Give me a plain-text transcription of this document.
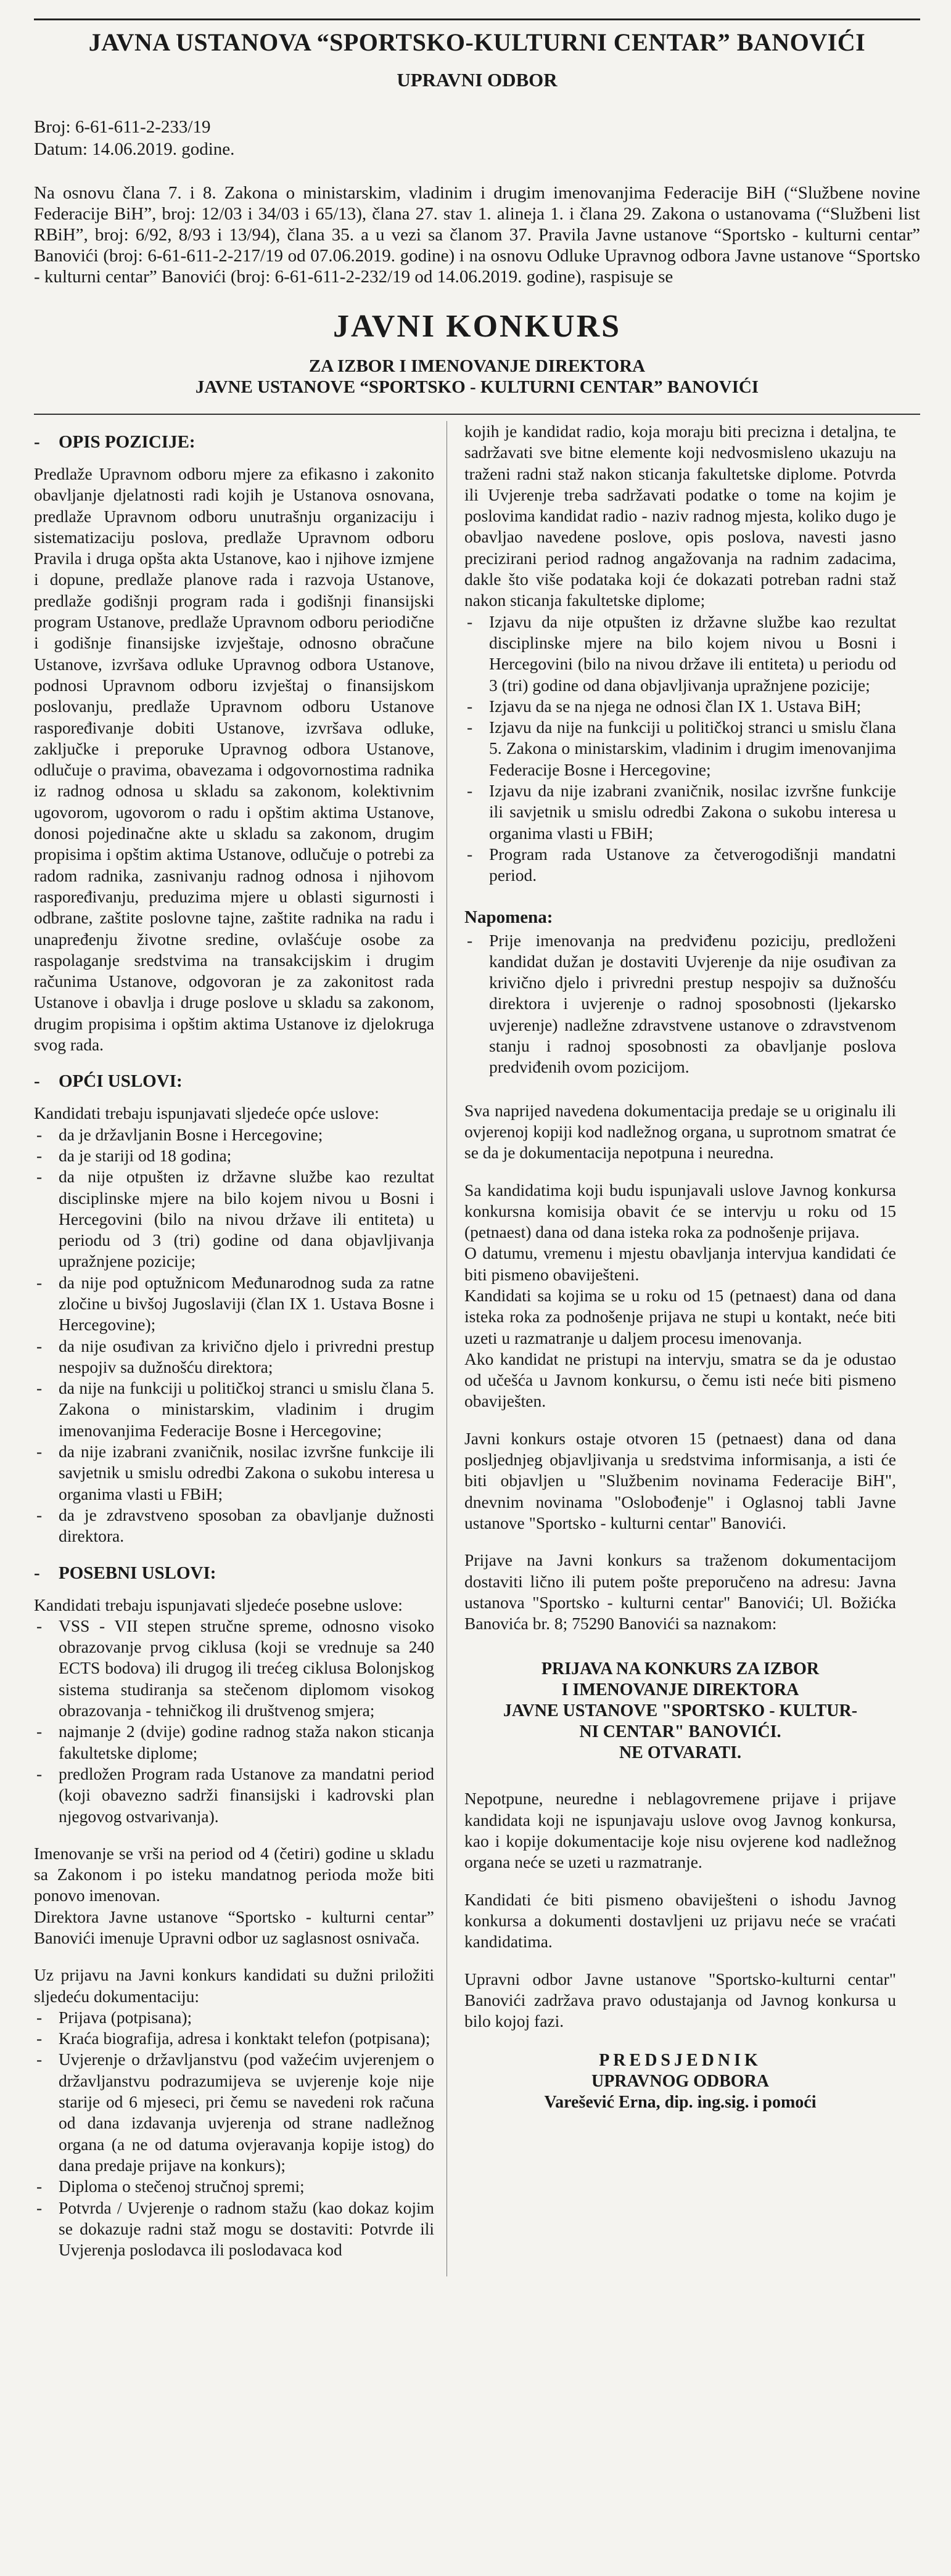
JAVNA USTANOVA “SPORTSKO-KULTURNI CENTAR” BANOVIĆI
UPRAVNI ODBOR
Broj: 6-61-611-2-233/19
Datum: 14.06.2019. godine.
Na osnovu člana 7. i 8. Zakona o ministarskim, vladinim i drugim imenovanjima Federacije BiH (“Službene novine Federacije BiH”, broj: 12/03 i 34/03 i 65/13), člana 27. stav 1. alineja 1. i člana 29. Zakona o ustanovama (“Službeni list RBiH”, broj: 6/92, 8/93 i 13/94), člana 35. a u vezi sa članom 37. Pravila Javne ustanove “Sportsko - kulturni centar” Banovići (broj: 6-61-611-2-217/19 od 07.06.2019. godine) i na osnovu Odluke Upravnog odbora Javne ustanove “Sportsko - kulturni centar” Banovići (broj: 6-61-611-2-232/19 od 14.06.2019. godine), raspisuje se
JAVNI KONKURS
ZA IZBOR I IMENOVANJE DIREKTORA
JAVNE USTANOVE “SPORTSKO - KULTURNI CENTAR” BANOVIĆI
- OPIS POZICIJE:

Predlaže Upravnom odboru mjere za efikasno i zakonito obavljanje djelatnosti radi kojih je Ustanova osnovana, predlaže Upravnom odboru unutrašnju organizaciju i sistematizaciju poslova, predlaže Upravnom odboru Pravila i druga opšta akta Ustanove, kao i njihove izmjene i dopune, predlaže planove rada i razvoja Ustanove, predlaže godišnji program rada i godišnji finansijski program Ustanove, predlaže Upravnom odboru periodične i godišnje finansijske izvještaje, odnosno obračune Ustanove, izvršava odluke Upravnog odbora Ustanove, podnosi Upravnom odboru izvještaj o finansijskom poslovanju, predlaže Upravnom odboru Ustanove raspoređivanje dobiti Ustanove, izvršava odluke, zaključke i preporuke Upravnog odbora Ustanove, odlučuje o pravima, obavezama i odgovornostima radnika iz radnog odnosa u skladu sa zakonom, kolektivnim ugovorom, ugovorom o radu i opštim aktima Ustanove, donosi pojedinačne akte u skladu sa zakonom, drugim propisima i opštim aktima Ustanove, odlučuje o potrebi za radom radnika, zasnivanju radnog odnosa i njihovom raspoređivanju, preduzima mjere u oblasti sigurnosti i odbrane, zaštite poslovne tajne, zaštite radnika na radu i unapređenju životne sredine, ovlašćuje osobe za raspolaganje sredstvima na transakcijskim i drugim računima Ustanove, odgovoran je za zakonitost rada Ustanove i obavlja i druge poslove u skladu sa zakonom, drugim propisima i opštim aktima Ustanove iz djelokruga svog rada.

- OPĆI USLOVI:

Kandidati trebaju ispunjavati sljedeće opće uslove:

- da je državljanin Bosne i Hercegovine;
- da je stariji od 18 godina;
- da nije otpušten iz državne službe kao rezultat disciplinske mjere na bilo kojem nivou u Bosni i Hercegovini (bilo na nivou države ili entiteta) u periodu od 3 (tri) godine od dana objavljivanja upražnjene pozicije;
- da nije pod optužnicom Međunarodnog suda za ratne zločine u bivšoj Jugoslaviji (član IX 1. Ustava Bosne i Hercegovine);
- da nije osuđivan za krivično djelo i privredni prestup nespojiv sa dužnošću direktora;
- da nije na funkciji u političkoj stranci u smislu člana 5. Zakona o ministarskim, vladinim i drugim imenovanjima Federacije Bosne i Hercegovine;
- da nije izabrani zvaničnik, nosilac izvršne funkcije ili savjetnik u smislu odredbi Zakona o sukobu interesa u organima vlasti u FBiH;
- da je zdravstveno sposoban za obavljanje dužnosti direktora.
- POSEBNI USLOVI:

Kandidati trebaju ispunjavati sljedeće posebne uslove:

- VSS - VII stepen stručne spreme, odnosno visoko obrazovanje prvog ciklusa (koji se vrednuje sa 240 ECTS bodova) ili drugog ili trećeg ciklusa Bolonjskog sistema studiranja sa stečenom diplomom visokog obrazovanja - tehničkog ili društvenog smjera;
- najmanje 2 (dvije) godine radnog staža nakon sticanja fakultetske diplome;
- predložen Program rada Ustanove za mandatni period (koji obavezno sadrži finansijski i kadrovski plan njegovog ostvarivanja).

Imenovanje se vrši na period od 4 (četiri) godine u skladu sa Zakonom i po isteku mandatnog perioda može biti ponovo imenovan.

Direktora Javne ustanove “Sportsko - kulturni centar” Banovići imenuje Upravni odbor uz saglasnost osnivača.

Uz prijavu na Javni konkurs kandidati su dužni priložiti sljedeću dokumentaciju:

- Prijava (potpisana);
- Kraća biografija, adresa i konktakt telefon (potpisana);
- Uvjerenje o državljanstvu (pod važećim uvjerenjem o državljanstvu podrazumijeva se uvjerenje koje nije starije od 6 mjeseci, pri čemu se navedeni rok računa od dana izdavanja uvjerenja od strane nadležnog organa (a ne od datuma ovjeravanja kopije istog) do dana predaje prijave na konkurs);
- Diploma o stečenoj stručnoj spremi;
- Potvrda / Uvjerenje o radnom stažu (kao dokaz kojim se dokazuje radni staž mogu se dostaviti: Potvrde ili Uvjerenja poslodavca ili poslodavaca kod

kojih je kandidat radio, koja moraju biti precizna i detaljna, te sadržavati sve bitne elemente koji nedvosmisleno ukazuju na traženi radni staž nakon sticanja fakultetske diplome. Potvrda ili Uvjerenje treba sadržavati podatke o tome na kojim je poslovima kandidat radio - naziv radnog mjesta, koliko dugo je obavljao navedene poslove, opis poslova, navesti jasno precizirani period radnog angažovanja na radnim zadacima, dakle što više podataka koji će dokazati potreban radni staž nakon sticanja fakultetske diplome;

- Izjavu da nije otpušten iz državne službe kao rezultat disciplinske mjere na bilo kojem nivou u Bosni i Hercegovini (bilo na nivou države ili entiteta) u periodu od 3 (tri) godine od dana objavljivanja upražnjene pozicije;
- Izjavu da se na njega ne odnosi član IX 1. Ustava BiH;
- Izjavu da nije na funkciji u političkoj stranci u smislu člana 5. Zakona o ministarskim, vladinim i drugim imenovanjima Federacije Bosne i Hercegovine;
- Izjavu da nije izabrani zvaničnik, nosilac izvršne funkcije ili savjetnik u smislu odredbi Zakona o sukobu interesa u organima vlasti u FBiH;
- Program rada Ustanove za četverogodišnji mandatni period.
Napomena:
- Prije imenovanja na predviđenu poziciju, predloženi kandidat dužan je dostaviti Uvjerenje da nije osuđivan za krivično djelo i privredni prestup nespojiv sa dužnošću direktora i uvjerenje o radnoj sposobnosti (ljekarsko uvjerenje) nadležne zdravstvene ustanove o zdravstvenom stanju i radnoj sposobnosti za obavljanje poslova predviđenih ovom pozicijom.

Sva naprijed navedena dokumentacija predaje se u originalu ili ovjerenoj kopiji kod nadležnog organa, u suprotnom smatrat će se da je dokumentacija nepotpuna i neuredna.

Sa kandidatima koji budu ispunjavali uslove Javnog konkursa konkursna komisija obavit će se intervju u roku od 15 (petnaest) dana od dana isteka roka za podnošenje prijava.

O datumu, vremenu i mjestu obavljanja intervjua kandidati će biti pismeno obaviješteni.

Kandidati sa kojima se u roku od 15 (petnaest) dana od dana isteka roka za podnošenje prijava ne stupi u kontakt, neće biti uzeti u razmatranje u daljem procesu imenovanja.

Ako kandidat ne pristupi na intervju, smatra se da je odustao od učešća u Javnom konkursu, o čemu isti neće biti pismeno obaviješten.

Javni konkurs ostaje otvoren 15 (petnaest) dana od dana posljednjeg objavljivanja u sredstvima informisanja, a isti će biti objavljen u "Službenim novinama Federacije BiH", dnevnim novinama "Oslobođenje" i Oglasnoj tabli Javne ustanove "Sportsko - kulturni centar" Banovići.

Prijave na Javni konkurs sa traženom dokumentacijom dostaviti lično ili putem pošte preporučeno na adresu: Javna ustanova "Sportsko - kulturni centar" Banovići; Ul. Božićka Banovića br. 8; 75290 Banovići sa naznakom:

PRIJAVA NA KONKURS ZA IZBOR
I IMENOVANJE DIREKTORA
JAVNE USTANOVE "SPORTSKO - KULTUR-
NI CENTAR" BANOVIĆI.
NE OTVARATI.

Nepotpune, neuredne i neblagovremene prijave i prijave kandidata koji ne ispunjavaju uslove ovog Javnog konkursa, kao i kopije dokumentacije koje nisu ovjerene kod nadležnog organa neće se uzeti u razmatranje.

Kandidati će biti pismeno obaviješteni o ishodu Javnog konkursa a dokumenti dostavljeni uz prijavu neće se vraćati kandidatima.

Upravni odbor Javne ustanove "Sportsko-kulturni centar" Banovići zadržava pravo odustajanja od Javnog konkursa u bilo kojoj fazi.

PREDSJEDNIK
UPRAVNOG ODBORA
Varešević Erna, dip. ing.sig. i pomoći
